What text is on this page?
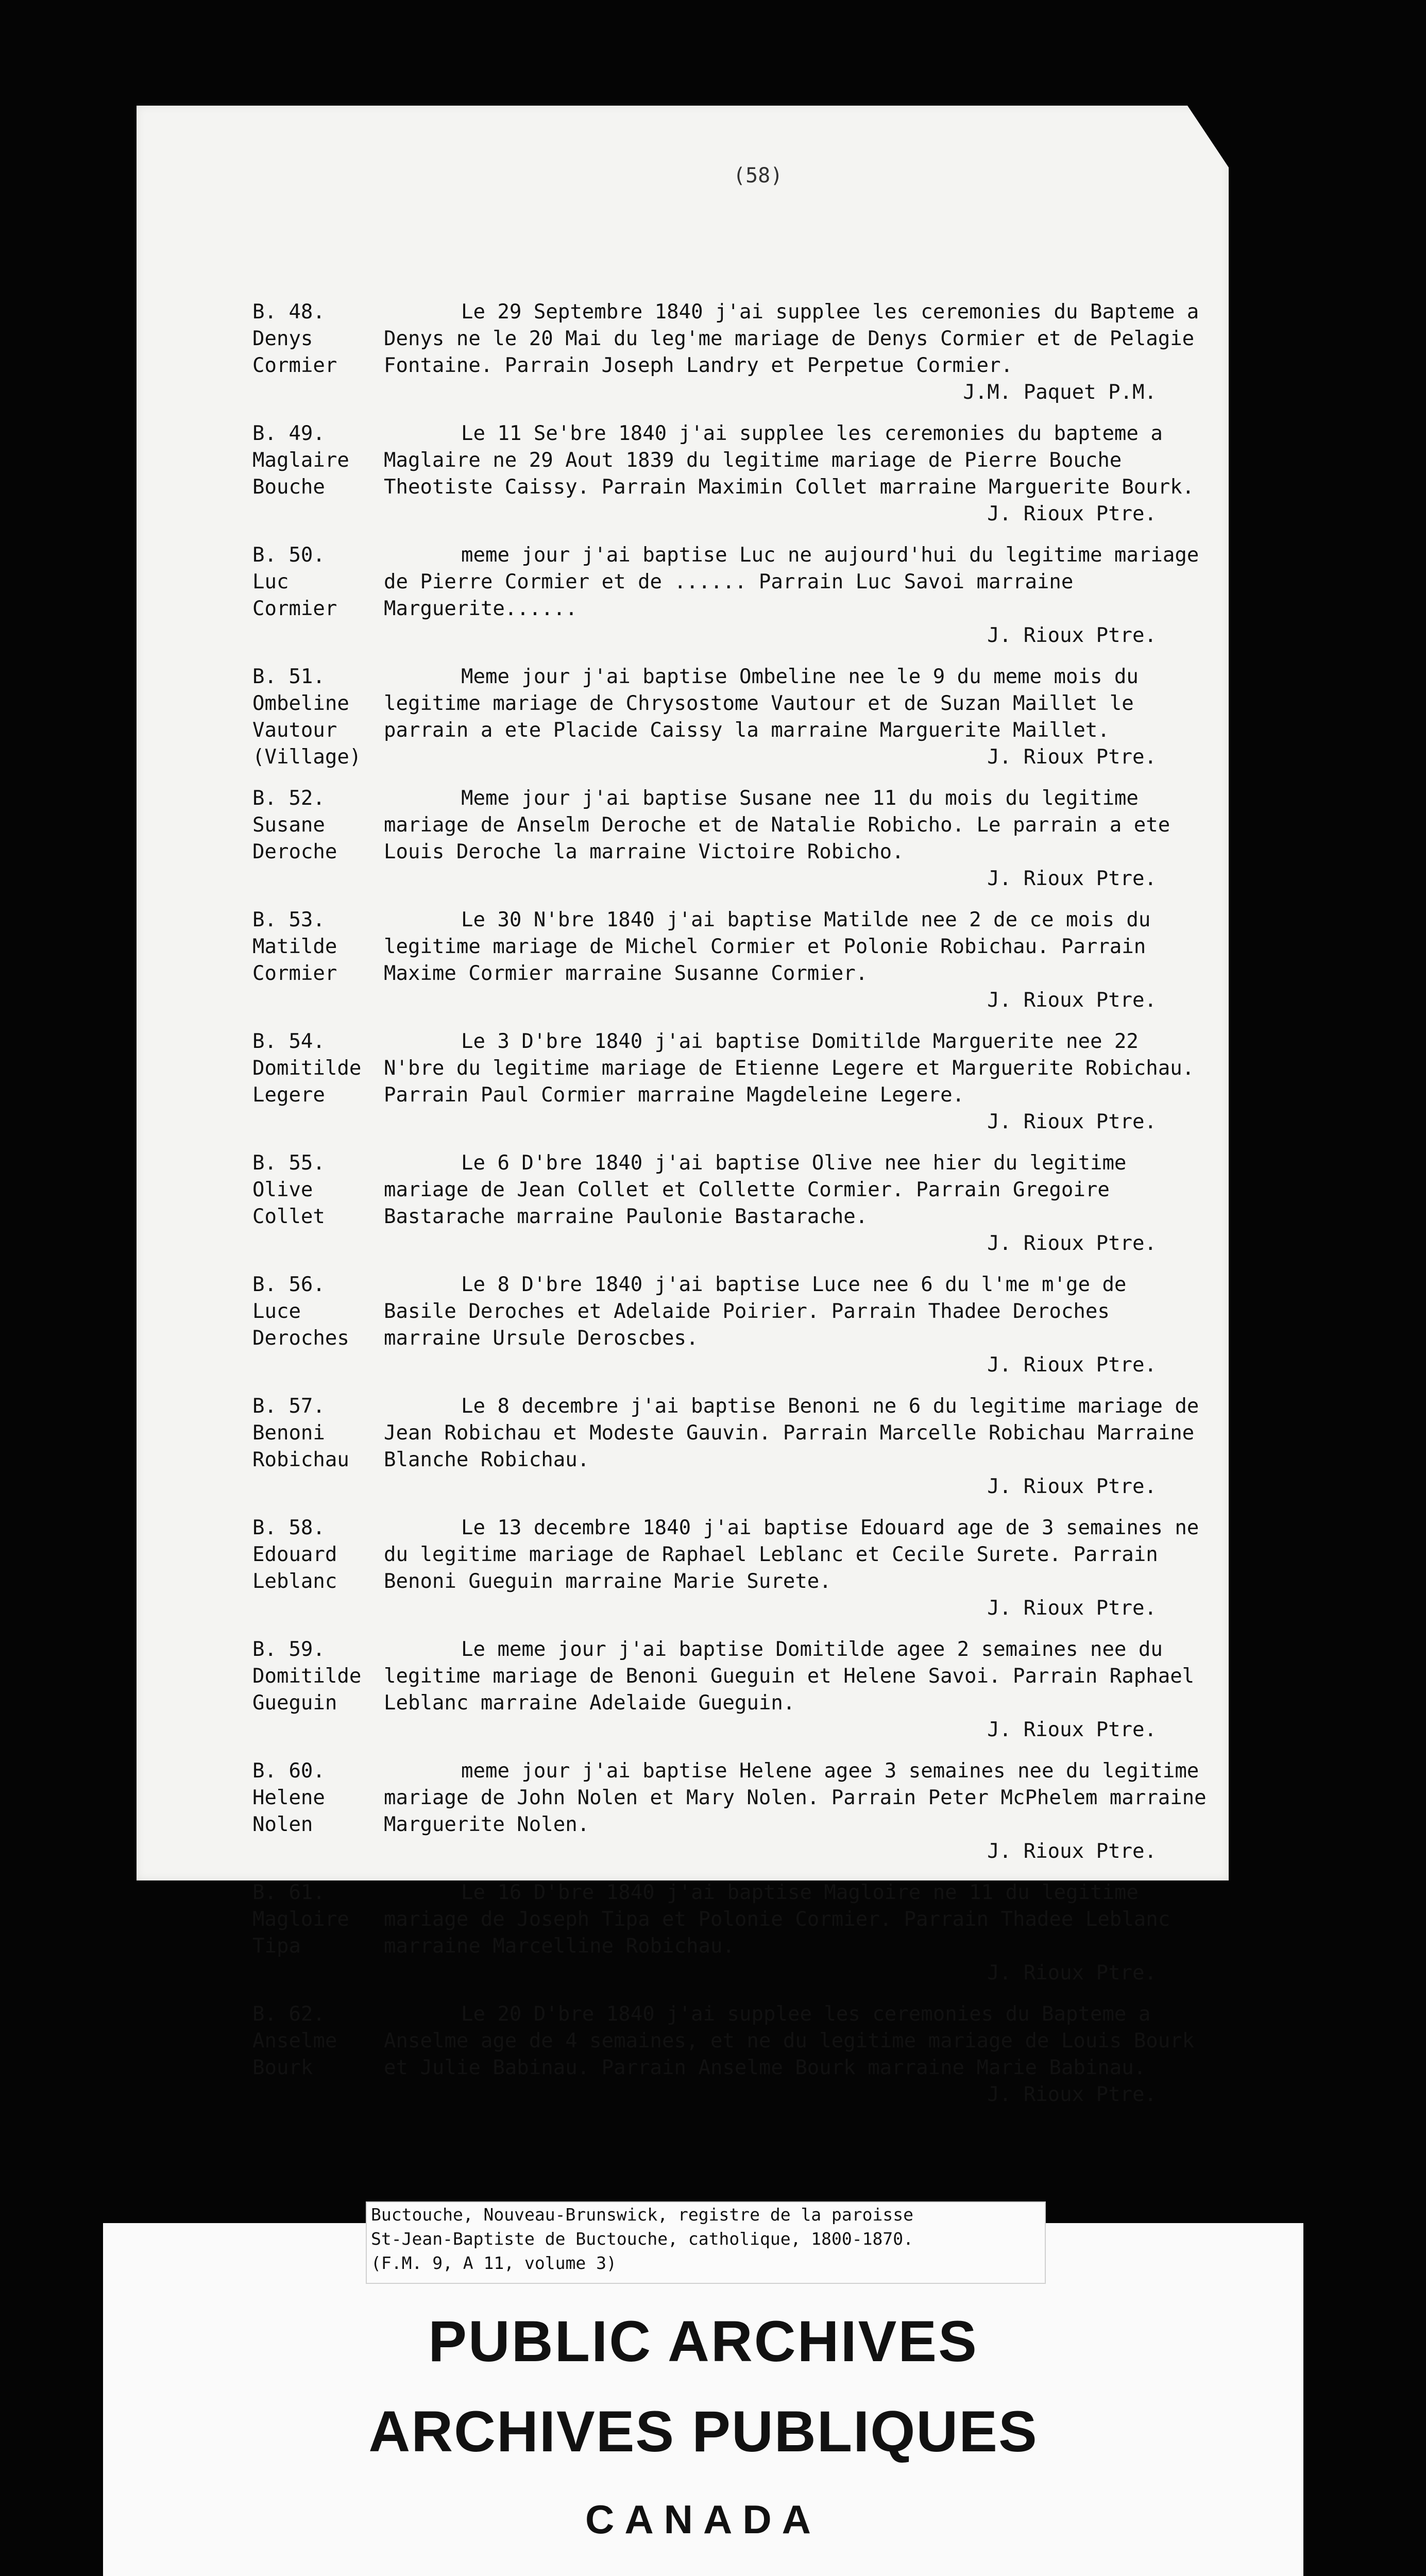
(58)
B. 48.
Denys
Cormier
Le 29 Septembre 1840 j'ai supplee les ceremonies du Bapteme a Denys ne le 20 Mai du leg'me mariage de Denys Cormier et de Pelagie Fontaine. Parrain Joseph Landry et Perpetue Cormier.
J.M. Paquet P.M.
B. 49.
Maglaire
Bouche
Le 11 Se'bre 1840 j'ai supplee les ceremonies du bapteme a Maglaire ne 29 Aout 1839 du legitime mariage de Pierre Bouche Theotiste Caissy. Parrain Maximin Collet marraine Marguerite Bourk.
J. Rioux Ptre.
B. 50.
Luc
Cormier
meme jour j'ai baptise Luc ne aujourd'hui du legitime mariage de Pierre Cormier et de ...... Parrain Luc Savoi marraine Marguerite......
J. Rioux Ptre.
B. 51.
Ombeline
Vautour
(Village)
Meme jour j'ai baptise Ombeline nee le 9 du meme mois du legitime mariage de Chrysostome Vautour et de Suzan Maillet le parrain a ete Placide Caissy la marraine Marguerite Maillet.
J. Rioux Ptre.
B. 52.
Susane
Deroche
Meme jour j'ai baptise Susane nee 11 du mois du legitime mariage de Anselm Deroche et de Natalie Robicho. Le parrain a ete Louis Deroche la marraine Victoire Robicho.
J. Rioux Ptre.
B. 53.
Matilde
Cormier
Le 30 N'bre 1840 j'ai baptise Matilde nee 2 de ce mois du legitime mariage de Michel Cormier et Polonie Robichau. Parrain Maxime Cormier marraine Susanne Cormier.
J. Rioux Ptre.
B. 54.
Domitilde
Legere
Le 3 D'bre 1840 j'ai baptise Domitilde Marguerite nee 22 N'bre du legitime mariage de Etienne Legere et Marguerite Robichau. Parrain Paul Cormier marraine Magdeleine Legere.
J. Rioux Ptre.
B. 55.
Olive
Collet
Le 6 D'bre 1840 j'ai baptise Olive nee hier du legitime mariage de Jean Collet et Collette Cormier. Parrain Gregoire Bastarache marraine Paulonie Bastarache.
J. Rioux Ptre.
B. 56.
Luce
Deroches
Le 8 D'bre 1840 j'ai baptise Luce nee 6 du l'me m'ge de Basile Deroches et Adelaide Poirier. Parrain Thadee Deroches marraine Ursule Deroscbes.
J. Rioux Ptre.
B. 57.
Benoni
Robichau
Le 8 decembre j'ai baptise Benoni ne 6 du legitime mariage de Jean Robichau et Modeste Gauvin. Parrain Marcelle Robichau Marraine Blanche Robichau.
J. Rioux Ptre.
B. 58.
Edouard
Leblanc
Le 13 decembre 1840 j'ai baptise Edouard age de 3 semaines ne du legitime mariage de Raphael Leblanc et Cecile Surete. Parrain Benoni Gueguin marraine Marie Surete.
J. Rioux Ptre.
B. 59.
Domitilde
Gueguin
Le meme jour j'ai baptise Domitilde agee 2 semaines nee du legitime mariage de Benoni Gueguin et Helene Savoi. Parrain Raphael Leblanc marraine Adelaide Gueguin.
J. Rioux Ptre.
B. 60.
Helene
Nolen
meme jour j'ai baptise Helene agee 3 semaines nee du legitime mariage de John Nolen et Mary Nolen. Parrain Peter McPhelem marraine Marguerite Nolen.
J. Rioux Ptre.
B. 61.
Magloire
Tipa
Le 16 D'bre 1840 j'ai baptise Magloire ne 11 du legitime mariage de Joseph Tipa et Polonie Cormier. Parrain Thadee Leblanc marraine Marcelline Robichau.
J. Rioux Ptre.
B. 62.
Anselme
Bourk
Le 20 D'bre 1840 j'ai supplee les ceremonies du Bapteme a Anselme age de 4 semaines, et ne du legitime mariage de Louis Bourk et Julie Babinau. Parrain Anselme Bourk marraine Marie Babinau.
J. Rioux Ptre.
Buctouche, Nouveau-Brunswick, registre de la paroisse
St-Jean-Baptiste de Buctouche, catholique, 1800-1870.
(F.M. 9, A 11, volume 3)
PUBLIC ARCHIVES
ARCHIVES PUBLIQUES
CANADA
